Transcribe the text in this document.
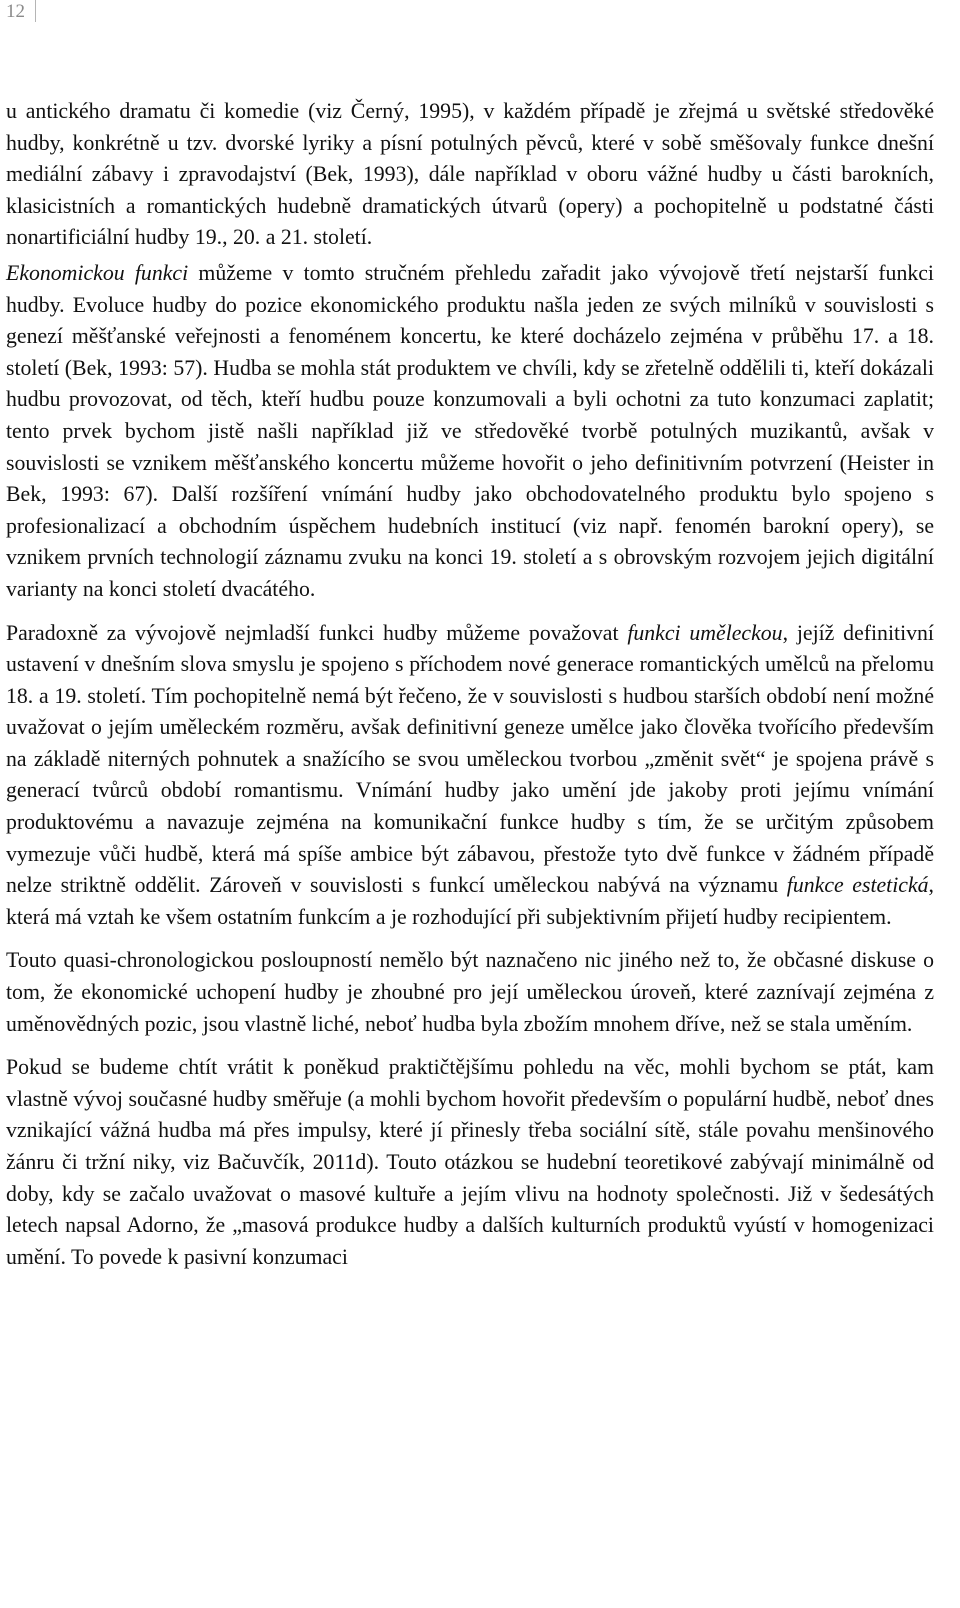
12

u antického dramatu či komedie (viz Černý, 1995), v každém případě je zřejmá u světské středověké hudby, konkrétně u tzv. dvorské lyriky a písní potulných pěvců, které v sobě směšovaly funkce dnešní mediální zábavy i zpravodajství (Bek, 1993), dále například v oboru vážné hudby u části barokních, klasicistních a romantických hudebně dramatických útvarů (opery) a pochopitelně u podstatné části nonartificiální hudby 19., 20. a 21. století.

Ekonomickou funkci můžeme v tomto stručném přehledu zařadit jako vývojově třetí nejstarší funkci hudby. Evoluce hudby do pozice ekonomického produktu našla jeden ze svých milníků v souvislosti s genezí měšťanské veřejnosti a fenoménem koncertu, ke které docházelo zejména v průběhu 17. a 18. století (Bek, 1993: 57). Hudba se mohla stát produktem ve chvíli, kdy se zřetelně oddělili ti, kteří dokázali hudbu provozovat, od těch, kteří hudbu pouze konzumovali a byli ochotni za tuto konzumaci zaplatit; tento prvek bychom jistě našli například již ve středověké tvorbě potulných muzikantů, avšak v souvislosti se vznikem měšťanského koncertu můžeme hovořit o jeho definitivním potvrzení (Heister in Bek, 1993: 67). Další rozšíření vnímání hudby jako obchodovatelného produktu bylo spojeno s profesionalizací a obchodním úspěchem hudebních institucí (viz např. fenomén barokní opery), se vznikem prvních technologií záznamu zvuku na konci 19. století a s obrovským rozvojem jejich digitální varianty na konci století dvacátého.

Paradoxně za vývojově nejmladší funkci hudby můžeme považovat funkci uměleckou, jejíž definitivní ustavení v dnešním slova smyslu je spojeno s příchodem nové generace romantických umělců na přelomu 18. a 19. století. Tím pochopitelně nemá být řečeno, že v souvislosti s hudbou starších období není možné uvažovat o jejím uměleckém rozměru, avšak definitivní geneze umělce jako člověka tvořícího především na základě niterných pohnutek a snažícího se svou uměleckou tvorbou „změnit svět“ je spojena právě s generací tvůrců období romantismu. Vnímání hudby jako umění jde jakoby proti jejímu vnímání produktovému a navazuje zejména na komunikační funkce hudby s tím, že se určitým způsobem vymezuje vůči hudbě, která má spíše ambice být zábavou, přestože tyto dvě funkce v žádném případě nelze striktně oddělit. Zároveň v souvislosti s funkcí uměleckou nabývá na významu funkce estetická, která má vztah ke všem ostatním funkcím a je rozhodující při subjektivním přijetí hudby recipientem.

Touto quasi-chronologickou posloupností nemělo být naznačeno nic jiného než to, že občasné diskuse o tom, že ekonomické uchopení hudby je zhoubné pro její uměleckou úroveň, které zaznívají zejména z uměnovědných pozic, jsou vlastně liché, neboť hudba byla zbožím mnohem dříve, než se stala uměním.

Pokud se budeme chtít vrátit k poněkud praktičtějšímu pohledu na věc, mohli bychom se ptát, kam vlastně vývoj současné hudby směřuje (a mohli bychom hovořit především o populární hudbě, neboť dnes vznikající vážná hudba má přes impulsy, které jí přinesly třeba sociální sítě, stále povahu menšinového žánru či tržní niky, viz Bačuvčík, 2011d). Touto otázkou se hudební teoretikové zabývají minimálně od doby, kdy se začalo uvažovat o masové kultuře a jejím vlivu na hodnoty společnosti. Již v šedesátých letech napsal Adorno, že „masová produkce hudby a dalších kulturních produktů vyústí v homogenizaci umění. To povede k pasivní konzumaci
